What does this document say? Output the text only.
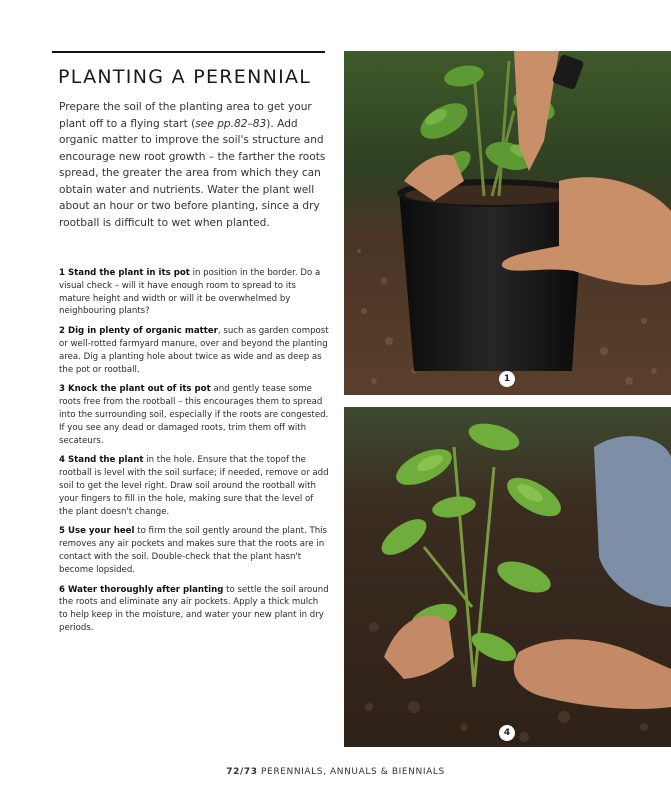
PLANTING A PERENNIAL

Prepare the soil of the planting area to get your plant off to a flying start (see pp.82–83). Add organic matter to improve the soil's structure and encourage new root growth – the farther the roots spread, the greater the area from which they can obtain water and nutrients. Water the plant well about an hour or two before planting, since a dry rootball is difficult to wet when planted.

1 Stand the plant in its pot in position in the border. Do a visual check – will it have enough room to spread to its mature height and width or will it be overwhelmed by neighbouring plants?

2 Dig in plenty of organic matter, such as garden compost or well-rotted farmyard manure, over and beyond the planting area. Dig a planting hole about twice as wide and as deep as the pot or rootball.

3 Knock the plant out of its pot and gently tease some roots free from the rootball – this encourages them to spread into the surrounding soil, especially if the roots are congested. If you see any dead or damaged roots, trim them off with secateurs.

4 Stand the plant in the hole. Ensure that the topof the rootball is level with the soil surface; if needed, remove or add soil to get the level right. Draw soil around the rootball with your fingers to fill in the hole, making sure that the level of the plant doesn't change.

5 Use your heel to firm the soil gently around the plant. This removes any air pockets and makes sure that the roots are in contact with the soil. Double-check that the plant hasn't become lopsided.

6 Water thoroughly after planting to settle the soil around the roots and eliminate any air pockets. Apply a thick mulch to help keep in the moisture, and water your new plant in dry periods.

1
4
72/73 PERENNIALS, ANNUALS & BIENNIALS
